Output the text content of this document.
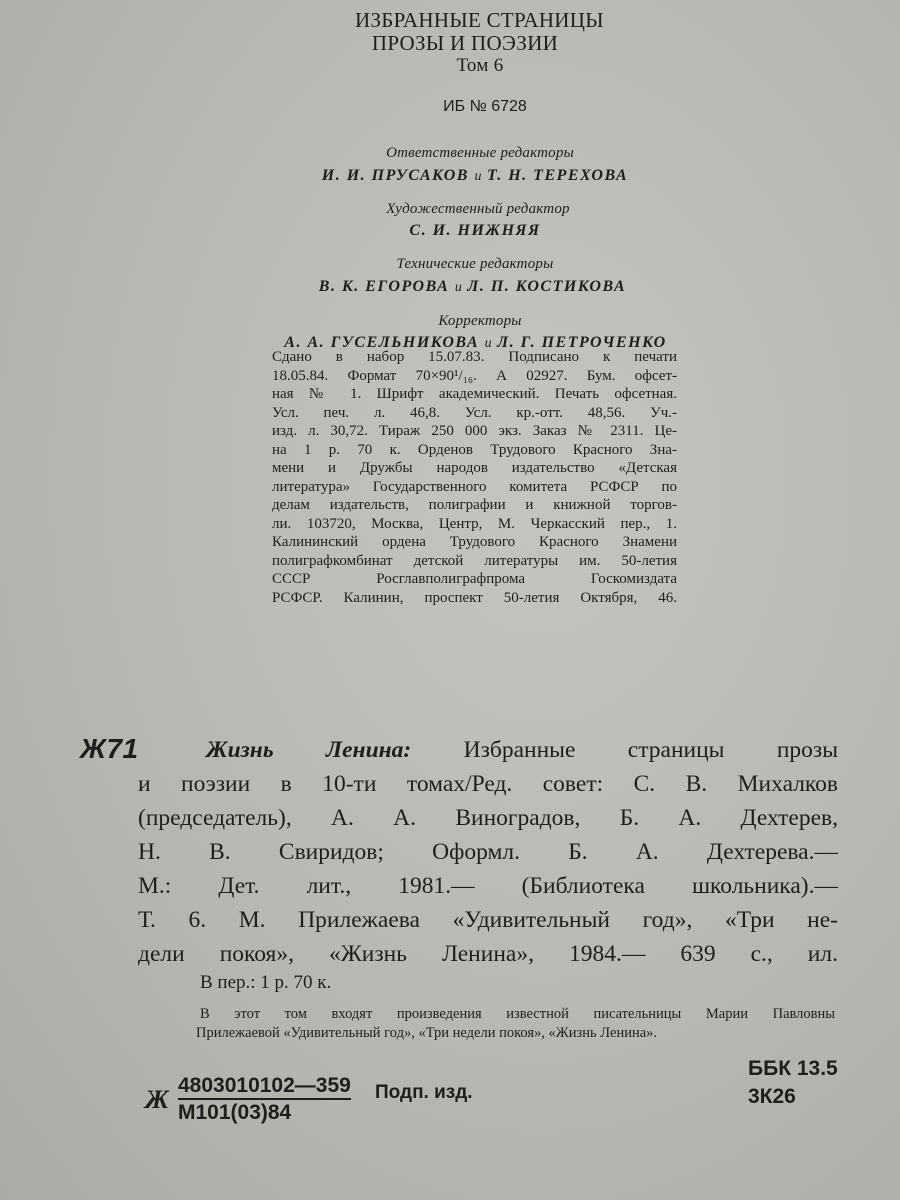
ИЗБРАННЫЕ СТРАНИЦЫ
ПРОЗЫ И ПОЭЗИИ
Том 6
ИБ № 6728
Ответственные редакторы
И. И. ПРУСАКОВ и Т. Н. ТЕРЕХОВА
Художественный редактор
С. И. НИЖНЯЯ
Технические редакторы
В. К. ЕГОРОВА и Л. П. КОСТИКОВА
Корректоры
А. А. ГУСЕЛЬНИКОВА и Л. Г. ПЕТРОЧЕНКО
Сдано в набор 15.07.83. Подписано к печати
18.05.84. Формат 70×90¹/₁₆. А 02927. Бум. офсет-
ная № 1. Шрифт академический. Печать офсетная.
Усл. печ. л. 46,8. Усл. кр.-отт. 48,56. Уч.-
изд. л. 30,72. Тираж 250 000 экз. Заказ № 2311. Це-
на 1 р. 70 к. Орденов Трудового Красного Зна-
мени и Дружбы народов издательство «Детская
литература» Государственного комитета РСФСР по
делам издательств, полиграфии и книжной торгов-
ли. 103720, Москва, Центр, М. Черкасский пер., 1.
Калининский ордена Трудового Красного Знамени
полиграфкомбинат детской литературы им. 50-летия
СССР Росглавполиграфпрома Госкомиздата
РСФСР. Калинин, проспект 50-летия Октября, 46.
Ж71	Жизнь Ленина: Избранные страницы прозы
и поэзии в 10-ти томах/Ред. совет: С. В. Михалков
(председатель), А. А. Виноградов, Б. А. Дехтерев,
Н. В. Свиридов; Оформл. Б. А. Дехтерева.—
М.: Дет. лит., 1981.— (Библиотека школьника).—
Т. 6. М. Прилежаева «Удивительный год», «Три не-
дели покоя», «Жизнь Ленина», 1984.— 639 с., ил.
В пер.: 1 р. 70 к.
В этот том входят произведения известной писательницы Марии Павловны
Прилежаевой «Удивительный год», «Три недели покоя», «Жизнь Ленина».
Ж 4803010102—359
М101(03)84
Подп. изд.
ББК 13.5
3К26
